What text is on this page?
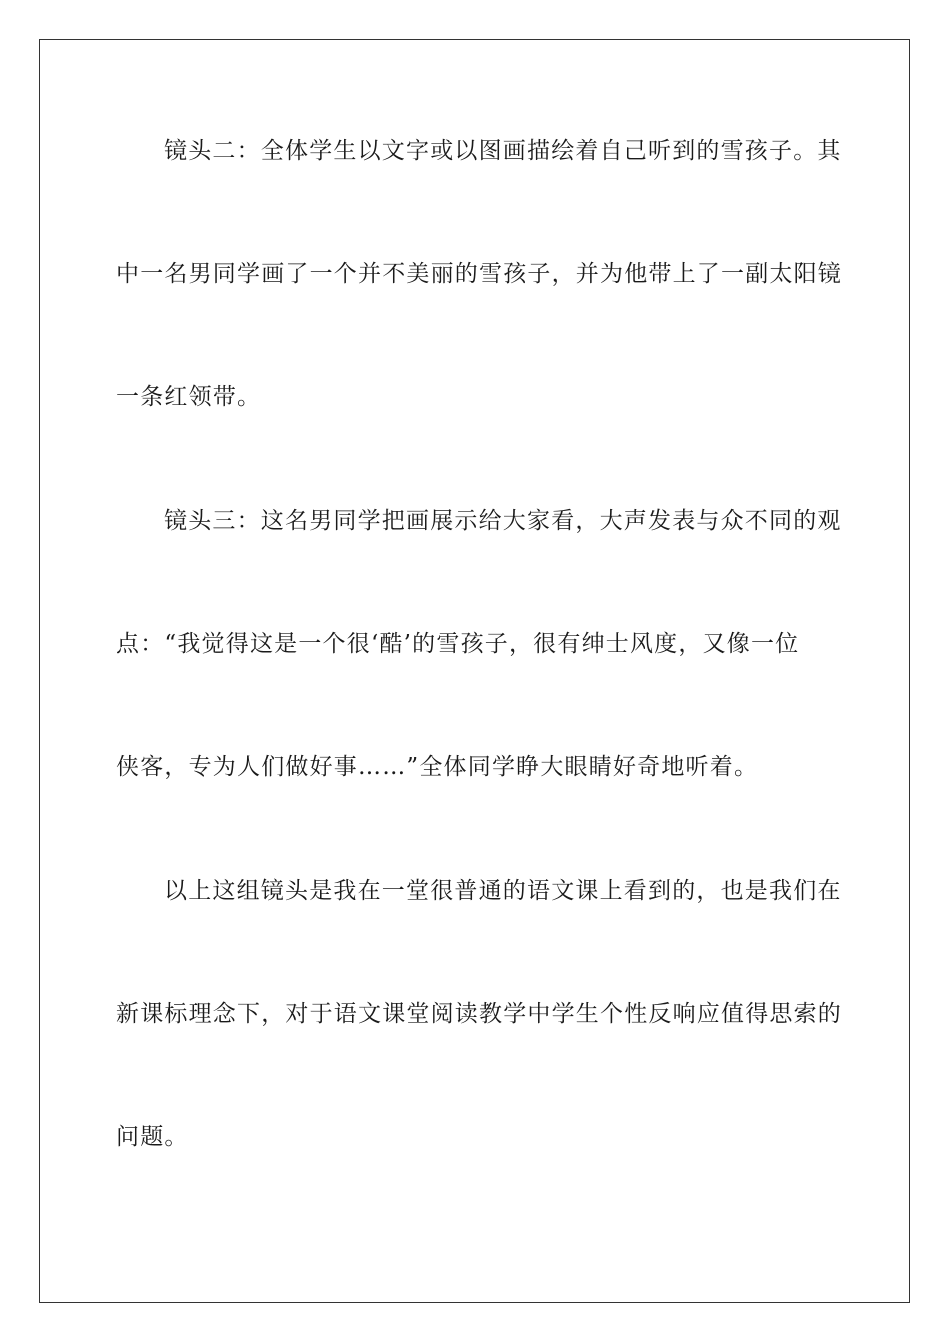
镜头二：全体学生以文字或以图画描绘着自己听到的雪孩子。其
中一名男同学画了一个并不美丽的雪孩子，并为他带上了一副太阳镜
一条红领带。
镜头三：这名男同学把画展示给大家看，大声发表与众不同的观
点：“我觉得这是一个很‘酷’的雪孩子，很有绅士风度，又像一位
侠客，专为人们做好事……”全体同学睁大眼睛好奇地听着。
以上这组镜头是我在一堂很普通的语文课上看到的，也是我们在
新课标理念下，对于语文课堂阅读教学中学生个性反响应值得思索的
问题。
